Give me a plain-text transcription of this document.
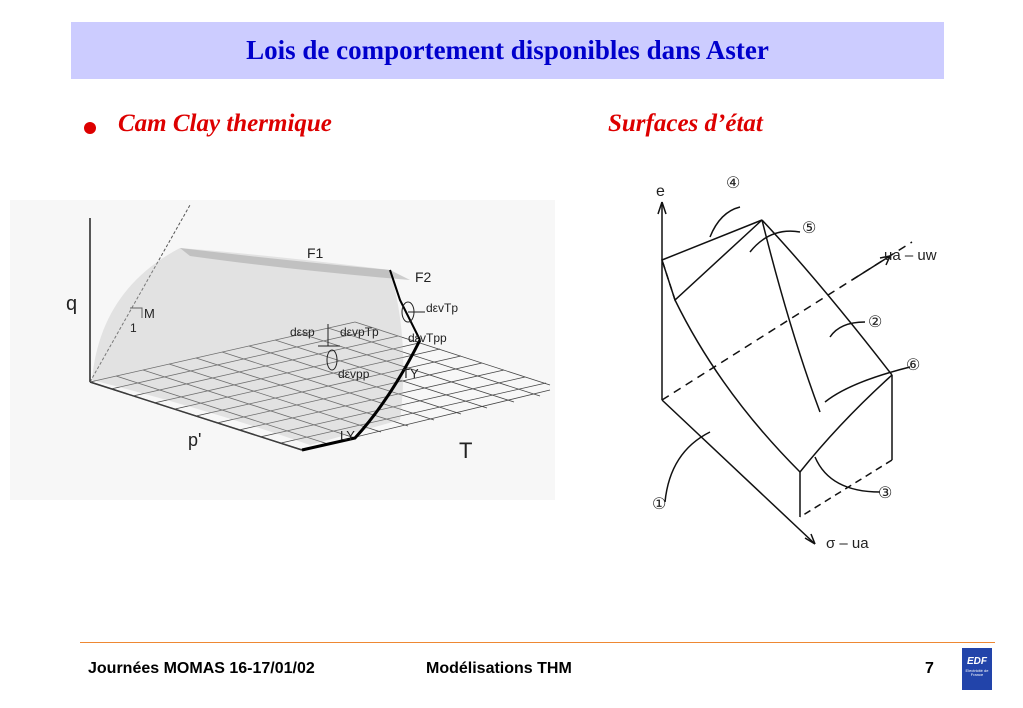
Lois de comportement disponibles dans Aster
Cam Clay thermique	Surfaces d’état
q
p'	T
M
1
F1
F2
TY
LY
dεsp dεvpTp
dεvpp
dεvTp
dεvTpp
e
ua – uw
σ – ua
①
②
③
④
⑤
⑥
Journées MOMAS 16-17/01/02	Modélisations THM	7	EDF
Electricité de France
